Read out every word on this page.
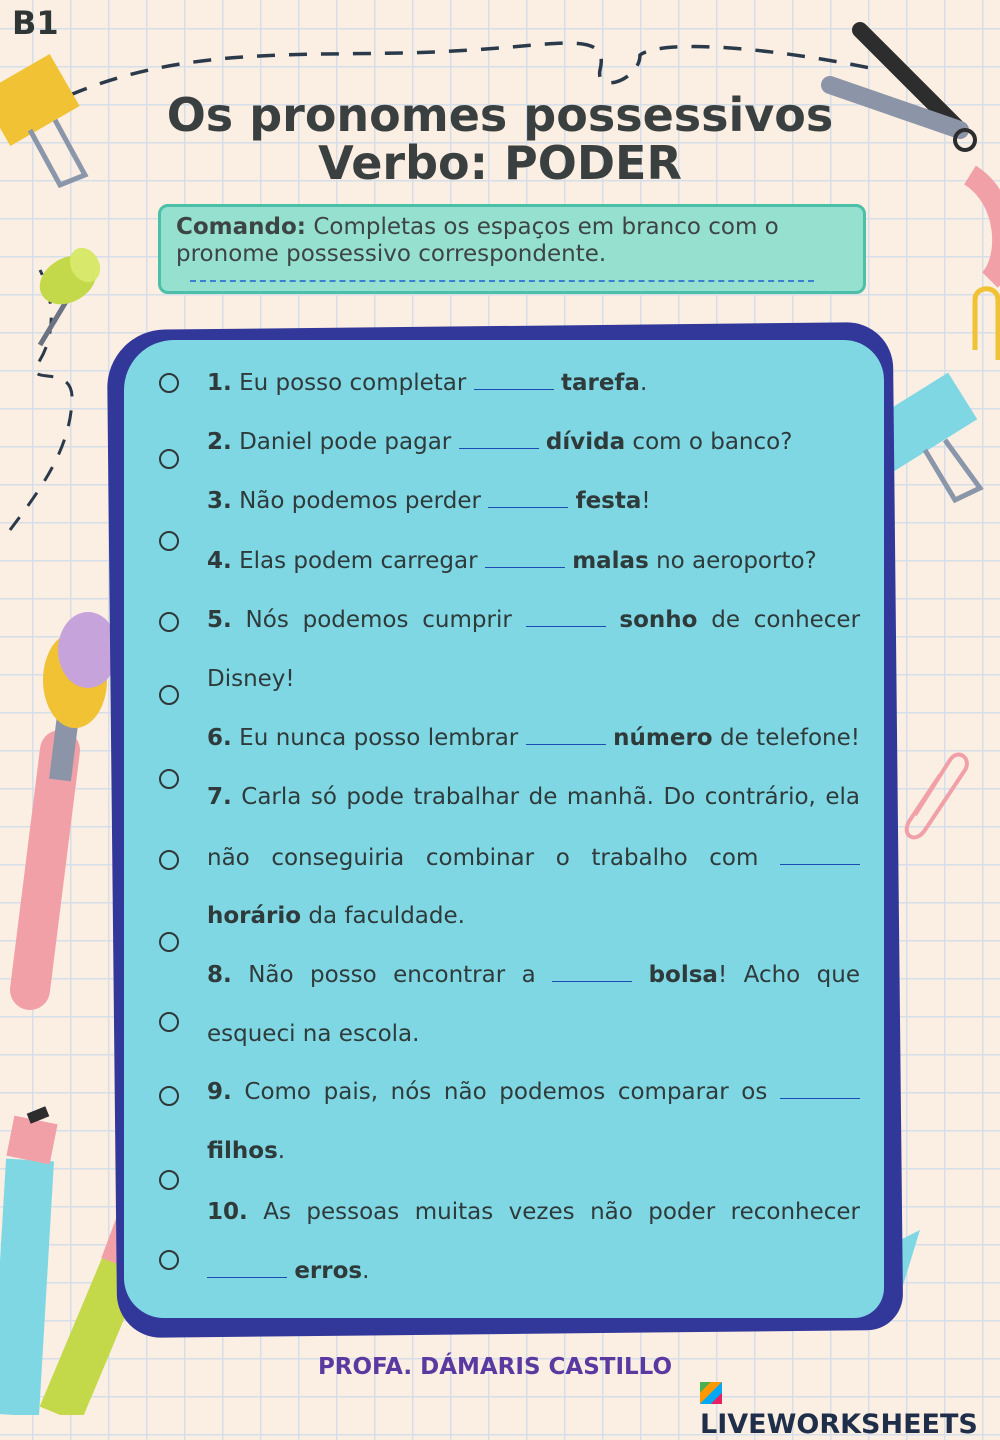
B1
Os pronomes possessivos
Verbo: PODER
Comando: Completas os espaços em branco com o
pronome possessivo correspondente.
1. Eu posso completar	tarefa.
2. Daniel pode pagar	dívida com o banco?
3. Não podemos perder	festa!
4. Elas podem carregar	malas no aeroporto?
5. Nós podemos cumprir	sonho de conhecer
Disney!
6. Eu nunca posso lembrar	número de telefone!
7. Carla só pode trabalhar de manhã. Do contrário, ela
não conseguiria combinar o trabalho com
horário da faculdade.
8. Não posso encontrar a	bolsa! Acho que
esqueci na escola.
9. Como pais, nós não podemos comparar os
filhos.
10. As pessoas muitas vezes não poder reconhecer
erros.
PROFA. DÁMARIS CASTILLO
LIVEWORKSHEETS
